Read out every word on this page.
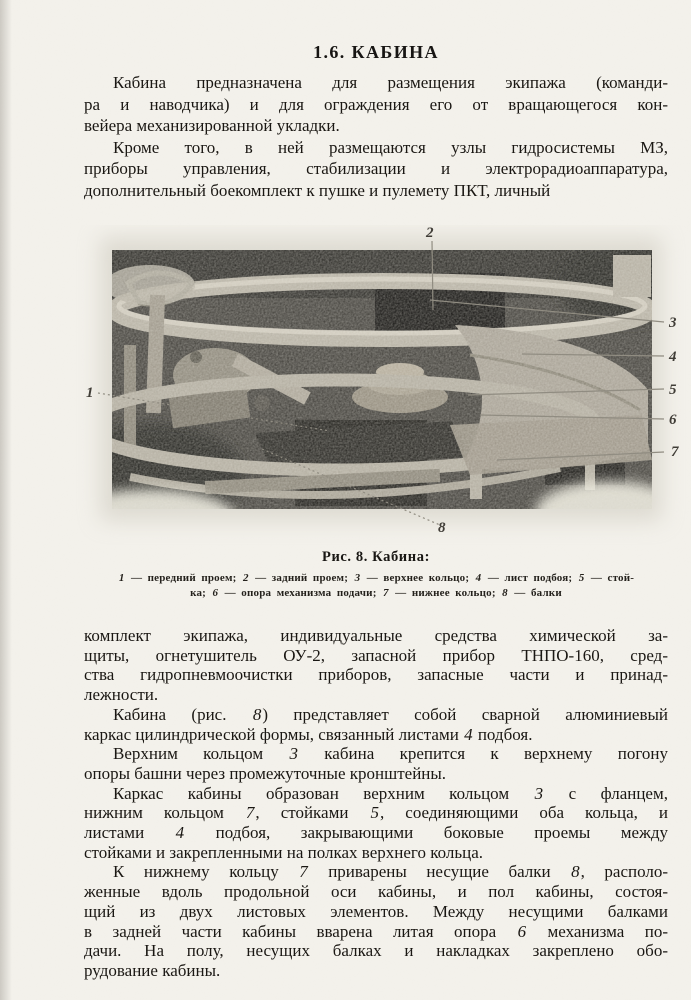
1.6. КАБИНА
Кабина предназначена для размещения экипажа (команди-
ра и наводчика) и для ограждения его от вращающегося кон-
вейера механизированной укладки.
Кроме того, в ней размещаются узлы гидросистемы МЗ,
приборы управления, стабилизации и электрорадиоаппаратура,
дополнительный боекомплект к пушке и пулемету ПКТ, личный
1
2
3
4
5
6
7
8
Рис. 8. Кабина:
1 — передний проем; 2 — задний проем; 3 — верхнее кольцо; 4 — лист подбоя; 5 — стой-
ка; 6 — опора механизма подачи; 7 — нижнее кольцо; 8 — балки
комплект экипажа, индивидуальные средства химической за-
щиты, огнетушитель ОУ-2, запасной прибор ТНПО-160, сред-
ства гидропневмоочистки приборов, запасные части и принад-
лежности.
Кабина (рис. 8) представляет собой сварной алюминиевый
каркас цилиндрической формы, связанный листами 4 подбоя.
Верхним кольцом 3 кабина крепится к верхнему погону
опоры башни через промежуточные кронштейны.
Каркас кабины образован верхним кольцом 3 с фланцем,
нижним кольцом 7, стойками 5, соединяющими оба кольца, и
листами 4 подбоя, закрывающими боковые проемы между
стойками и закрепленными на полках верхнего кольца.
К нижнему кольцу 7 приварены несущие балки 8, располо-
женные вдоль продольной оси кабины, и пол кабины, состоя-
щий из двух листовых элементов. Между несущими балками
в задней части кабины вварена литая опора 6 механизма по-
дачи. На полу, несущих балках и накладках закреплено обо-
рудование кабины.
